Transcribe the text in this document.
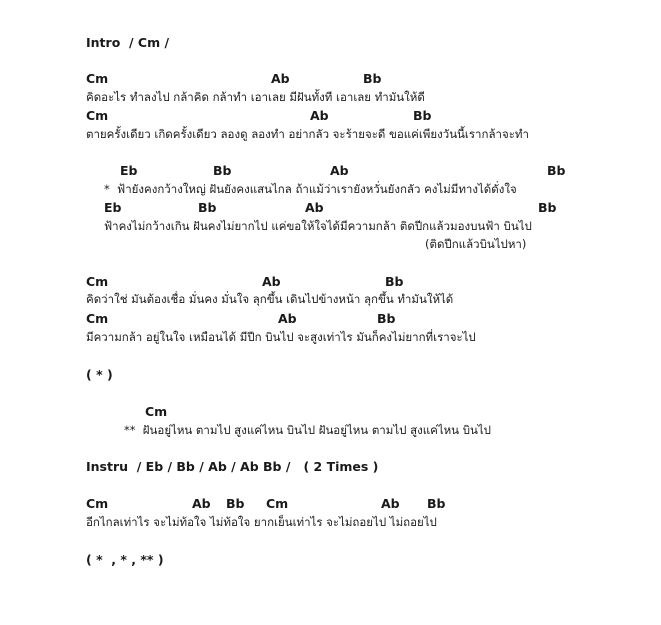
Intro  / Cm /
Cm	Ab	Bb
คิดอะไร ทำลงไป กล้าคิด กล้าทำ เอาเลย มีฝันทั้งที เอาเลย ทำมันให้ดี
Cm	Ab	Bb
ตายครั้งเดียว เกิดครั้งเดียว ลองดู ลองทำ อย่ากลัว จะร้ายจะดี ขอแค่เพียงวันนี้เรากล้าจะทำ
Eb	Bb	Ab	Bb
*  ฟ้ายังคงกว้างใหญ่ ฝันยังคงแสนไกล ถ้าแม้ว่าเรายังหวั่นยังกลัว คงไม่มีทางได้ดั่งใจ
Eb	Bb	Ab	Bb
ฟ้าคงไม่กว้างเกิน ฝันคงไม่ยากไป แค่ขอให้ใจได้มีความกล้า ติดปีกแล้วมองบนฟ้า บินไป
(ติดปีกแล้วบินไปหา)
Cm	Ab	Bb
คิดว่าใช่ มันต้องเชื่อ มั่นคง มั่นใจ ลุกขึ้น เดินไปข้างหน้า ลุกขึ้น ทำมันให้ได้
Cm	Ab	Bb
มีความกล้า อยู่ในใจ เหมือนได้ มีปีก บินไป จะสูงเท่าไร มันก็คงไม่ยากที่เราจะไป
( * )
Cm
**  ฝันอยู่ไหน ตามไป สูงแค่ไหน บินไป ฝันอยู่ไหน ตามไป สูงแค่ไหน บินไป
Instru  / Eb / Bb / Ab / Ab Bb /   ( 2 Times )
Cm	Ab Bb Cm	Ab Bb
อีกไกลเท่าไร จะไม่ท้อใจ ไม่ท้อใจ ยากเย็นเท่าไร จะไม่ถอยไป ไม่ถอยไป
( *  , * , ** )
